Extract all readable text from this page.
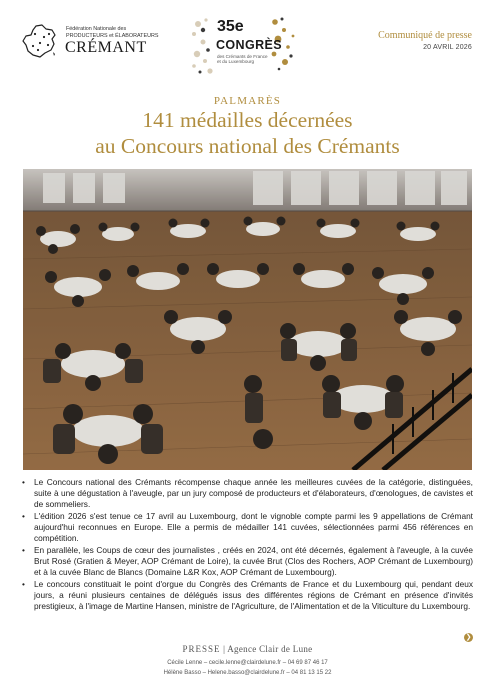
Fédération Nationale des
PRODUCTEURS et ÉLABORATEURS
CRÉMANT
35e
CONGRÈS
des Crémants de France
et du Luxembourg
Communiqué de presse
20 AVRIL 2026
PALMARÈS
141 médailles décernées
au Concours national des Crémants
• Le Concours national des Crémants récompense chaque année les meilleures cuvées de la catégorie, distinguées, suite à une dégustation à l'aveugle, par un jury composé de producteurs et d'élaborateurs, d'œnologues, de cavistes et de sommeliers.
• L'édition 2026 s'est tenue ce 17 avril au Luxembourg, dont le vignoble compte parmi les 9 appellations de Crémant aujourd'hui reconnues en Europe. Elle a permis de médailler 141 cuvées, sélectionnées parmi 456 références en compétition.
• En parallèle, les Coups de cœur des journalistes , créés en 2024, ont été décernés, également à l'aveugle, à la cuvée Brut Rosé (Gratien & Meyer, AOP Crémant de Loire), la cuvée Brut (Clos des Rochers, AOP Crémant de Luxembourg) et à la cuvée Blanc de Blancs (Domaine L&R Kox, AOP Crémant de Luxembourg).
• Le concours constituait le point d'orgue du Congrès des Crémants de France et du Luxembourg qui, pendant deux jours, a réuni plusieurs centaines de délégués issus des différentes régions de Crémant en présence d'invités prestigieux, à l'image de Martine Hansen, ministre de l'Agriculture, de l'Alimentation et de la Viticulture du Luxembourg.
❯
PRESSE | Agence Clair de Lune
Cécile Lenne – cecile.lenne@clairdelune.fr – 04 69 87 46 17
Hélène Basso – Helene.basso@clairdelune.fr – 04 81 13 15 22
